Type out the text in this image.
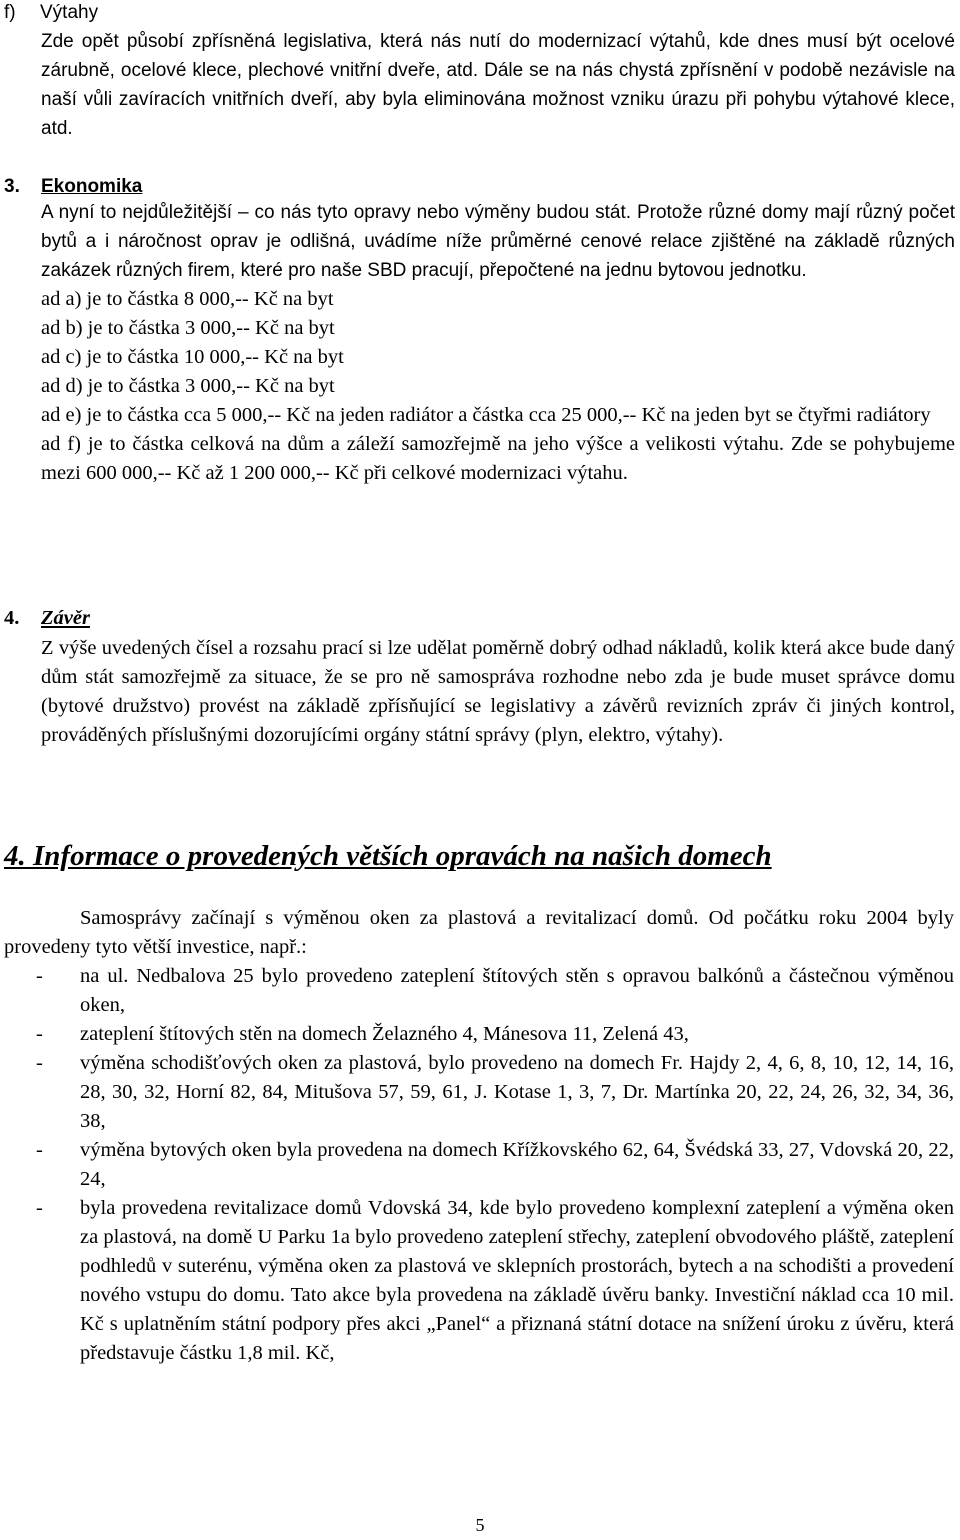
f) Výtahy

Zde opět působí zpřísněná legislativa, která nás nutí do modernizací výtahů, kde dnes musí být ocelové zárubně, ocelové klece, plechové vnitřní dveře, atd. Dále se na nás chystá zpřísnění v podobě nezávisle na naší vůli zavíracích vnitřních dveří, aby byla eliminována možnost vzniku úrazu při pohybu výtahové klece, atd.

3. Ekonomika

A nyní to nejdůležitější – co nás tyto opravy nebo výměny budou stát. Protože různé domy mají různý počet bytů a i náročnost oprav je odlišná, uvádíme níže průměrné cenové relace zjištěné na základě různých zakázek různých firem, které pro naše SBD pracují, přepočtené na jednu bytovou jednotku.

ad a) je to částka 8 000,-- Kč na byt

ad b) je to částka 3 000,-- Kč na byt

ad c) je to částka 10 000,-- Kč na byt

ad d) je to částka 3 000,-- Kč na byt

ad e) je to částka cca 5 000,-- Kč na jeden radiátor a částka cca 25 000,-- Kč na jeden byt se čtyřmi radiátory

ad f) je to částka celková na dům a záleží samozřejmě na jeho výšce a velikosti výtahu. Zde se pohybujeme mezi 600 000,-- Kč až 1 200 000,-- Kč při celkové modernizaci výtahu.

4. Závěr

Z výše uvedených čísel a rozsahu prací si lze udělat poměrně dobrý odhad nákladů, kolik která akce bude daný dům stát samozřejmě za situace, že se pro ně samospráva rozhodne nebo zda je bude muset správce domu (bytové družstvo) provést na základě zpřísňující se legislativy a závěrů revizních zpráv či jiných kontrol, prováděných příslušnými dozorujícími orgány státní správy (plyn, elektro, výtahy).

4. Informace o provedených větších opravách na našich domech

Samosprávy začínají s výměnou oken za plastová a revitalizací domů. Od počátku roku 2004 byly provedeny tyto větší investice, např.:

- na ul. Nedbalova 25 bylo provedeno zateplení štítových stěn s opravou balkónů a částečnou výměnou oken,
- zateplení štítových stěn na domech Želazného 4, Mánesova 11, Zelená 43,
- výměna schodišťových oken za plastová, bylo provedeno na domech Fr. Hajdy 2, 4, 6, 8, 10, 12, 14, 16, 28, 30, 32, Horní 82, 84, Mitušova 57, 59, 61, J. Kotase 1, 3, 7, Dr. Martínka 20, 22, 24, 26, 32, 34, 36, 38,
- výměna bytových oken byla provedena na domech Křížkovského 62, 64, Švédská 33, 27, Vdovská 20, 22, 24,
- byla provedena revitalizace domů Vdovská 34, kde bylo provedeno komplexní zateplení a výměna oken za plastová, na domě U Parku 1a bylo provedeno zateplení střechy, zateplení obvodového pláště, zateplení podhledů v suterénu, výměna oken za plastová ve sklepních prostorách, bytech a na schodišti a provedení nového vstupu do domu. Tato akce byla provedena na základě úvěru banky. Investiční náklad cca 10 mil. Kč s uplatněním státní podpory přes akci „Panel“ a přiznaná státní dotace na snížení úroku z úvěru, která představuje částku 1,8 mil. Kč,
5
